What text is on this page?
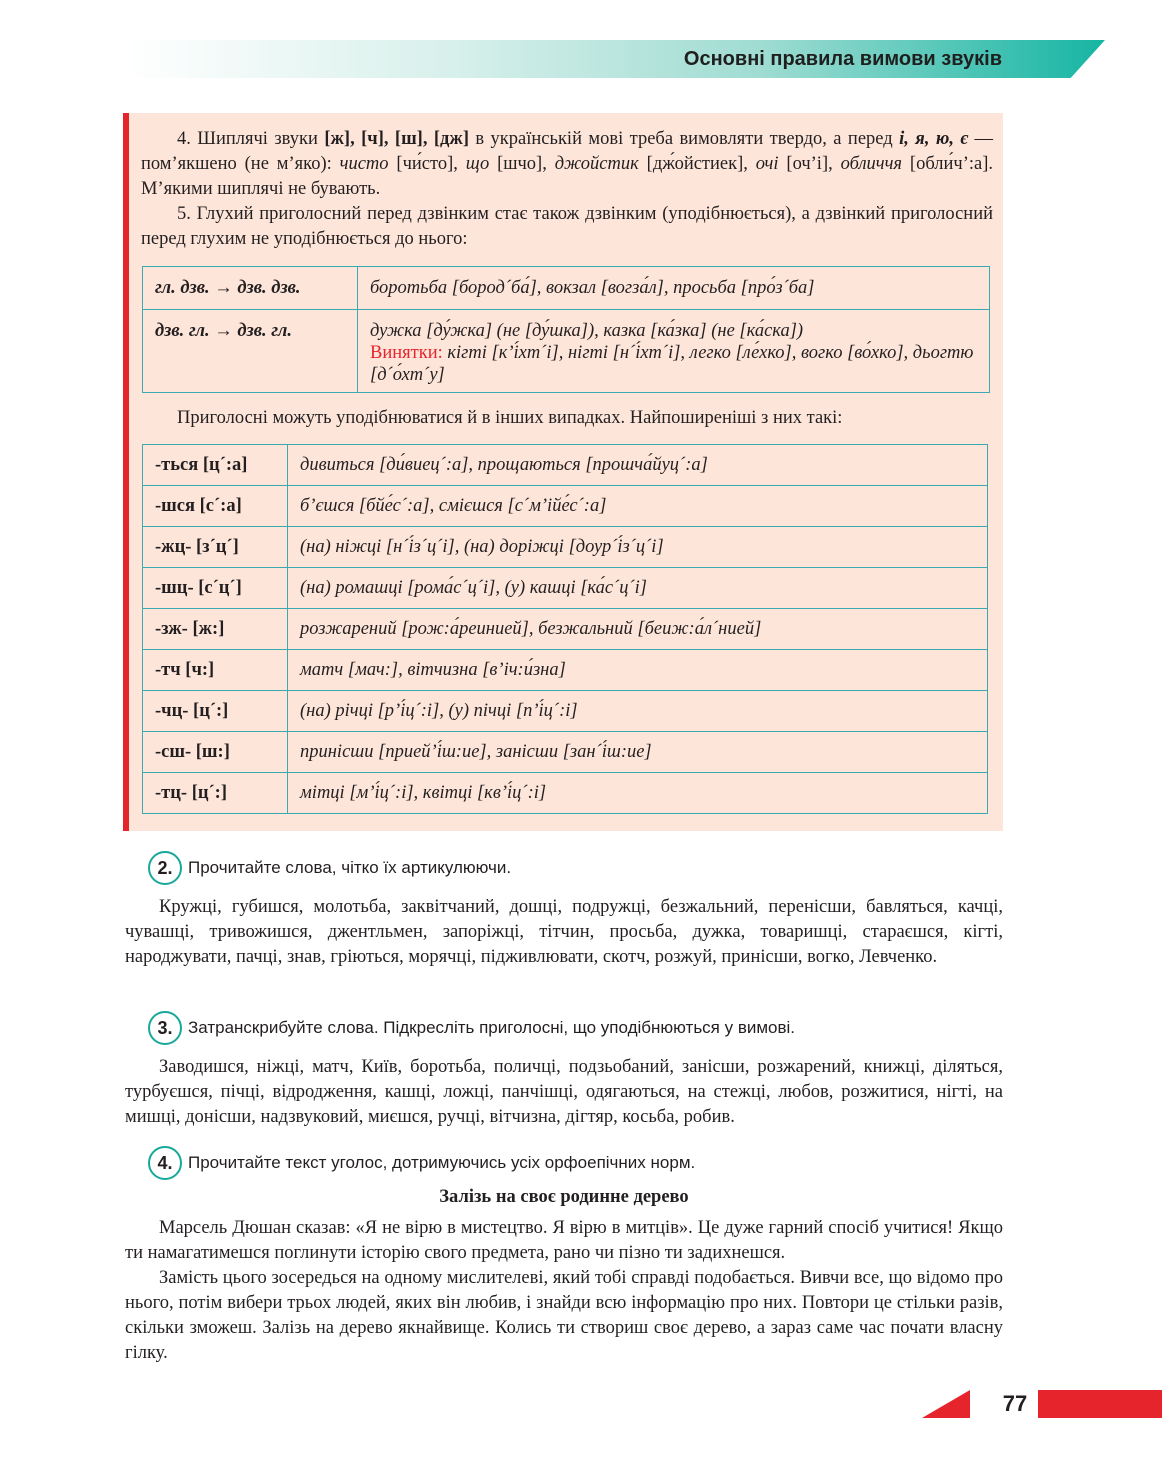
Основні правила вимови звуків

4. Шиплячі звуки [ж], [ч], [ш], [дж] в українській мові треба вимовляти твердо, а перед і, я, ю, є — пом’якшено (не м’яко): чисто [чи́сто], що [шчо], джойстик [дж́ойстиек], очі [оч’і], обличчя [обли́ч’:а]. М’якими шиплячі не бувають.

5. Глухий приголосний перед дзвінким стає також дзвінким (уподібнюється), а дзвінкий приголосний перед глухим не уподібнюється до нього:

гл. дзв. → дзв. дзв.	боротьба [бород´ба́], вокзал [вогза́л], просьба [про́з´ба]
дзв. гл. → дзв. гл.	дужка [ду́жка] (не [ду́шка]), казка [ка́зка] (не [ка́ска])
Винятки: кігті [к’і́хт´і], нігті [н´і́хт´і], легко [ле́хко], вогко [во́хко], дьогтю [д´о́хт´у]

Приголосні можуть уподібнюватися й в інших випадках. Найпоширеніші з них такі:

-ться [ц´:а]	дивиться [ди́виец´:а], прощаються [прошча́йуц´:а]
-шся [с´:а]	б’єшся [бйе́с´:а], смієшся [с´м’ійе́с´:а]
-жц- [з´ц´]	(на) ніжці [н´і́з´ц´і], (на) доріжці [доур´і́з´ц´і]
-шц- [с´ц´]	(на) ромашці [рома́с´ц´і], (у) кашці [ка́с´ц´і]
-зж- [ж:]	розжарений [рож:а́реинией], безжальний [беиж:а́л´нией]
-тч [ч:]	матч [мач:], вітчизна [в’іч:и́зна]
-чц- [ц´:]	(на) річці [р’і́ц´:і], (у) пічці [п’і́ц´:і]
-сш- [ш:]	принісши [прией’і́ш:ие], занісши [зан´і́ш:ие]
-тц- [ц´:]	мітці [м’і́ц´:і], квітці [кв’і́ц´:і]
2. Прочитайте слова, чітко їх артикулюючи.

Кружці, губишся, молотьба, заквітчаний, дошці, подружці, безжальний, перенісши, бавляться, качці, чувашці, тривожишся, джентльмен, запоріжці, тітчин, просьба, дужка, товаришці, стараєшся, кігті, народжувати, пачці, знав, гріються, морячці, підживлювати, скотч, розжуй, принісши, вогко, Левченко.

3. Затранскрибуйте слова. Підкресліть приголосні, що уподібнюються у вимові.

Заводишся, ніжці, матч, Київ, боротьба, поличці, подзьобаний, занісши, розжарений, книжці, діляться, турбуєшся, пічці, відродження, кашці, ложці, панчішці, одягаються, на стежці, любов, розжитися, нігті, на мишці, донісши, надзвуковий, миєшся, ручці, вітчизна, дігтяр, косьба, робив.

4. Прочитайте текст уголос, дотримуючись усіх орфоепічних норм.
Залізь на своє родинне дерево

Марсель Дюшан сказав: «Я не вірю в мистецтво. Я вірю в митців». Це дуже гарний спосіб учитися! Якщо ти намагатимешся поглинути історію свого предмета, рано чи пізно ти задихнешся.

Замість цього зосередься на одному мислителеві, який тобі справді подобається. Вивчи все, що відомо про нього, потім вибери трьох людей, яких він любив, і знайди всю інформацію про них. Повтори це стільки разів, скільки зможеш. Залізь на дерево якнайвище. Колись ти створиш своє дерево, а зараз саме час почати власну гілку.

77
